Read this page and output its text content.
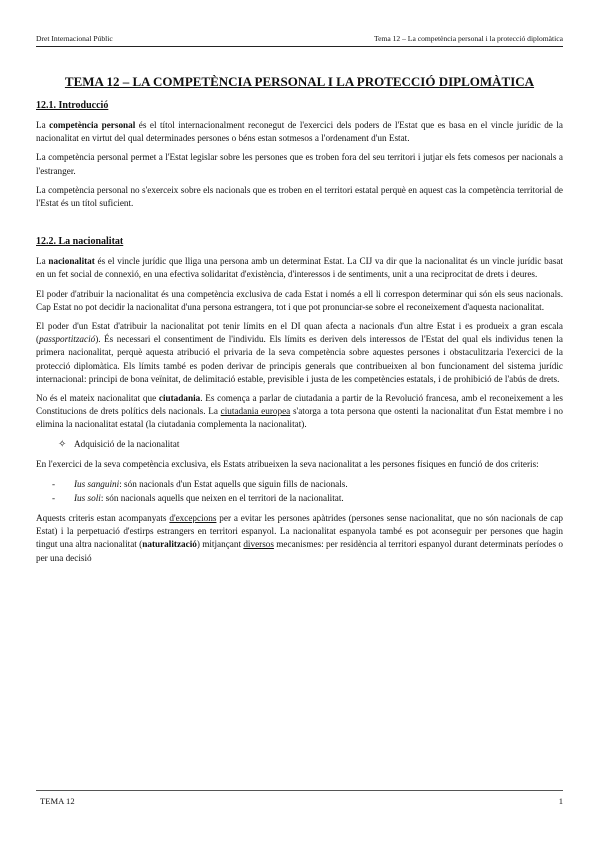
Dret Internacional Públic	Tema 12 – La competència personal i la protecció diplomàtica
TEMA 12 – LA COMPETÈNCIA PERSONAL I LA PROTECCIÓ DIPLOMÀTICA
12.1. Introducció

La competència personal és el títol internacionalment reconegut de l'exercici dels poders de l'Estat que es basa en el vincle jurídic de la nacionalitat en virtut del qual determinades persones o béns estan sotmesos a l'ordenament d'un Estat.

La competència personal permet a l'Estat legislar sobre les persones que es troben fora del seu territori i jutjar els fets comesos per nacionals a l'estranger.

La competència personal no s'exerceix sobre els nacionals que es troben en el territori estatal perquè en aquest cas la competència territorial de l'Estat és un títol suficient.

12.2. La nacionalitat

La nacionalitat és el vincle jurídic que lliga una persona amb un determinat Estat. La CIJ va dir que la nacionalitat és un vincle jurídic basat en un fet social de connexió, en una efectiva solidaritat d'existència, d'interessos i de sentiments, unit a una reciprocitat de drets i deures.

El poder d'atribuir la nacionalitat és una competència exclusiva de cada Estat i només a ell li correspon determinar qui són els seus nacionals. Cap Estat no pot decidir la nacionalitat d'una persona estrangera, tot i que pot pronunciar-se sobre el reconeixement d'aquesta nacionalitat.

El poder d'un Estat d'atribuir la nacionalitat pot tenir límits en el DI quan afecta a nacionals d'un altre Estat i es produeix a gran escala (passportització). És necessari el consentiment de l'individu. Els límits es deriven dels interessos de l'Estat del qual els individus tenen la primera nacionalitat, perquè aquesta atribució el privaria de la seva competència sobre aquestes persones i obstaculitzaria l'exercici de la protecció diplomàtica. Els límits també es poden derivar de principis generals que contribueixen al bon funcionament del sistema jurídic internacional: principi de bona veïnitat, de delimitació estable, previsible i justa de les competències estatals, i de prohibició de l'abús de drets.

No és el mateix nacionalitat que ciutadania. Es comença a parlar de ciutadania a partir de la Revolució francesa, amb el reconeixement a les Constitucions de drets polítics dels nacionals. La ciutadania europea s'atorga a tota persona que ostenti la nacionalitat d'un Estat membre i no elimina la nacionalitat estatal (la ciutadania complementa la nacionalitat).

✧ Adquisició de la nacionalitat

En l'exercici de la seva competència exclusiva, els Estats atribueixen la seva nacionalitat a les persones físiques en funció de dos criteris:

-	Ius sanguini: són nacionals d'un Estat aquells que siguin fills de nacionals.
-	Ius soli: són nacionals aquells que neixen en el territori de la nacionalitat.

Aquests criteris estan acompanyats d'excepcions per a evitar les persones apàtrides (persones sense nacionalitat, que no són nacionals de cap Estat) i la perpetuació d'estirps estrangers en territori espanyol. La nacionalitat espanyola també es pot aconseguir per persones que hagin tingut una altra nacionalitat (naturalització) mitjançant diversos mecanismes: per residència al territori espanyol durant determinats períodes o per una decisió

TEMA 12	1
